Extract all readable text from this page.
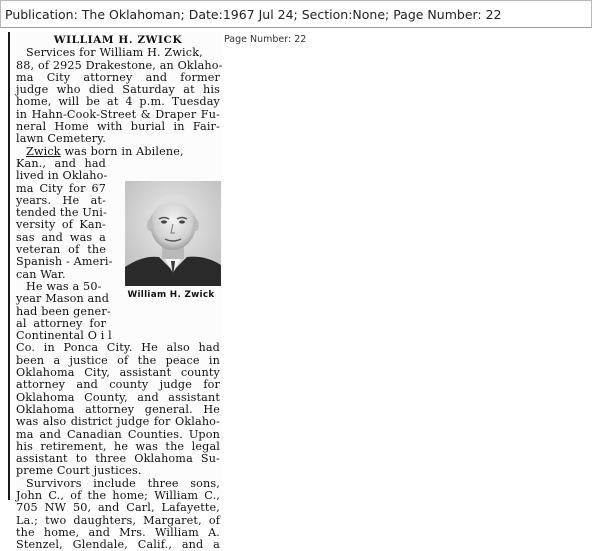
Publication: The Oklahoman; Date:1967 Jul 24; Section:None; Page Number: 22
Page Number: 22
WILLIAM H. ZWICK
Services for William H. Zwick,
88, of 2925 Drakestone, an Oklaho-
ma City attorney and former
judge who died Saturday at his
home, will be at 4 p.m. Tuesday
in Hahn-Cook-Street & Draper Fu-
neral Home with burial in Fair-
lawn Cemetery.
Zwick was born in Abilene,
Kan., and had
lived in Oklaho-
ma City for 67
years. He at-
tended the Uni-
versity of Kan-
sas and was a
veteran of the
Spanish - Ameri-
can War.
He was a 50-
year Mason and
had been gener-
al attorney for
Continental O i l
Co. in Ponca City. He also had
been a justice of the peace in
Oklahoma City, assistant county
attorney and county judge for
Oklahoma County, and assistant
Oklahoma attorney general. He
was also district judge for Oklaho-
ma and Canadian Counties. Upon
his retirement, he was the legal
assistant to three Oklahoma Su-
preme Court justices.
Survivors include three sons,
John C., of the home; William C.,
705 NW 50, and Carl, Lafayette,
La.; two daughters, Margaret, of
the home, and Mrs. William A.
Stenzel, Glendale, Calif., and a
William H. Zwick
